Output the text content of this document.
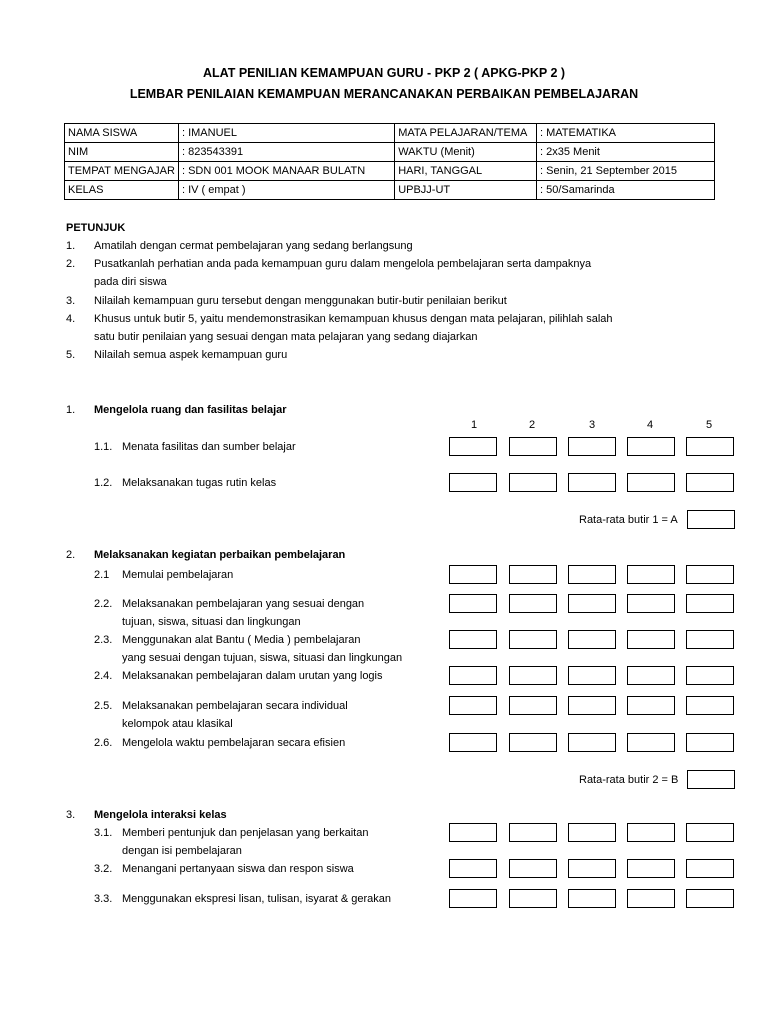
ALAT PENILIAN KEMAMPUAN GURU - PKP 2 ( APKG-PKP 2 )
LEMBAR PENILAIAN KEMAMPUAN MERANCANAKAN PERBAIKAN PEMBELAJARAN
NAMA SISWA	: IMANUEL	MATA PELAJARAN/TEMA	: MATEMATIKA
NIM	: 823543391	WAKTU (Menit)	: 2x35 Menit
TEMPAT MENGAJAR	: SDN 001 MOOK MANAAR BULATN	HARI, TANGGAL	: Senin, 21 September 2015
KELAS	: IV ( empat )	UPBJJ-UT	: 50/Samarinda
PETUNJUK
1. Amatilah dengan cermat pembelajaran yang sedang berlangsung
2. Pusatkanlah perhatian anda pada kemampuan guru dalam mengelola pembelajaran serta dampaknya
pada diri siswa
3. Nilailah kemampuan guru tersebut dengan menggunakan butir-butir penilaian berikut
4. Khusus untuk butir 5, yaitu mendemonstrasikan kemampuan khusus dengan mata pelajaran, pilihlah salah
satu butir penilaian yang sesuai dengan mata pelajaran yang sedang diajarkan
5. Nilailah semua aspek kemampuan guru
1	2	3	4	5
1. Mengelola ruang dan fasilitas belajar
1.1. Menata fasilitas dan sumber belajar
1.2. Melaksanakan tugas rutin kelas
Rata-rata butir 1 = A
2. Melaksanakan kegiatan perbaikan pembelajaran
2.1 Memulai pembelajaran
2.2. Melaksanakan pembelajaran yang sesuai dengan
tujuan, siswa, situasi dan lingkungan
2.3. Menggunakan alat Bantu ( Media ) pembelajaran
yang sesuai dengan tujuan, siswa, situasi dan lingkungan
2.4. Melaksanakan pembelajaran dalam urutan yang logis
2.5. Melaksanakan pembelajaran secara individual
kelompok atau klasikal
2.6. Mengelola waktu pembelajaran secara efisien
Rata-rata butir 2 = B
3. Mengelola interaksi kelas
3.1. Memberi pentunjuk dan penjelasan yang berkaitan
dengan isi pembelajaran
3.2. Menangani pertanyaan siswa dan respon siswa
3.3. Menggunakan ekspresi lisan, tulisan, isyarat & gerakan
